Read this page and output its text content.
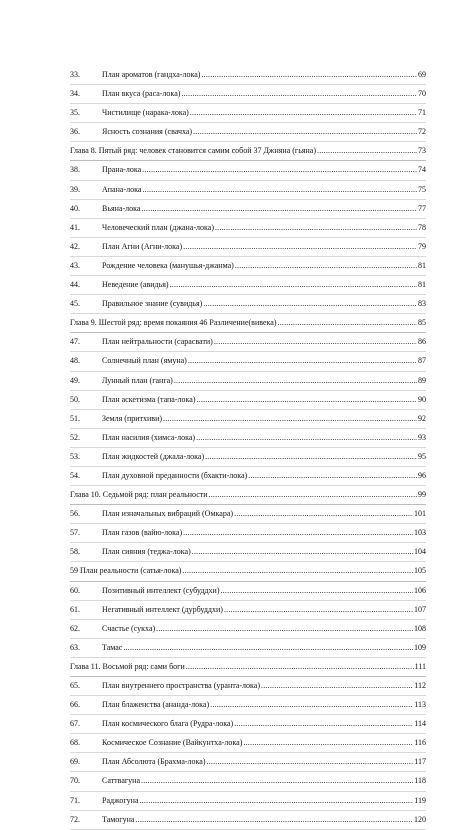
33.	План ароматов (гандха-лока) .....	69
34.	План вкуса (раса-лока) .....	70
35.	Чистилище (нарака-лока) .....	71
36.	Ясность сознания (свачха) .....	72
Глава 8. Пятый ряд: человек становится самим собой 37 Джняна (гьяна) .....	73
38.	Прана-лока .....	74
39.	Апана-лока .....	75
40.	Вьяна-лока .....	77
41.	Человеческий план (джана-лока) .....	78
42.	План Агни (Агни-лока) .....	79
43.	Рождение человека (манушья-джанма) .....	81
44.	Неведение (авидья) .....	81
45.	Правильное знание (сувидья) .....	83
Глава 9. Шестой ряд: время покаяния 46 Различение(вивека) .....	85
47.	План нейтральности (сарасвати) .....	86
48.	Солнечный план (ямуна) .....	87
49.	Лунный план (ганга) .....	89
50.	План аскетизма (тапа-лока) .....	90
51.	Земля (притхиви) .....	92
52.	План насилия (химса-лока) .....	93
53.	План жидкостей (джала-лока) .....	95
54.	План духовной преданности (бхакти-лока) .....	96
Глава 10. Седьмой ряд: план реальности .....	99
56.	План изначальных вибраций (Омкара) .....	101
57.	План газов (вайю-лока) .....	103
58.	План сияния (теджа-лока) .....	104
59 План реальности (сатья-лока) .....	105
60.	Позитивный интеллект (субуддхи) .....	106
61.	Негативный интеллект (дурбуддхи) .....	107
62.	Счастье (сукха) .....	108
63.	Тамас .....	109
Глава 11. Восьмой ряд: сами боги .....	111
65.	План внутреннего пространства (уранта-лока) .....	112
66.	План блаженства (ананда-лока) .....	113
67.	План космического блага (Рудра-лока) .....	114
68.	Космическое Сознание (Вайкунтха-лока) .....	116
69.	План Абсолюта (Брахма-лока) .....	117
70.	Саттвагуна .....	118
71.	Раджогуна .....	119
72.	Тамогуна .....	120
